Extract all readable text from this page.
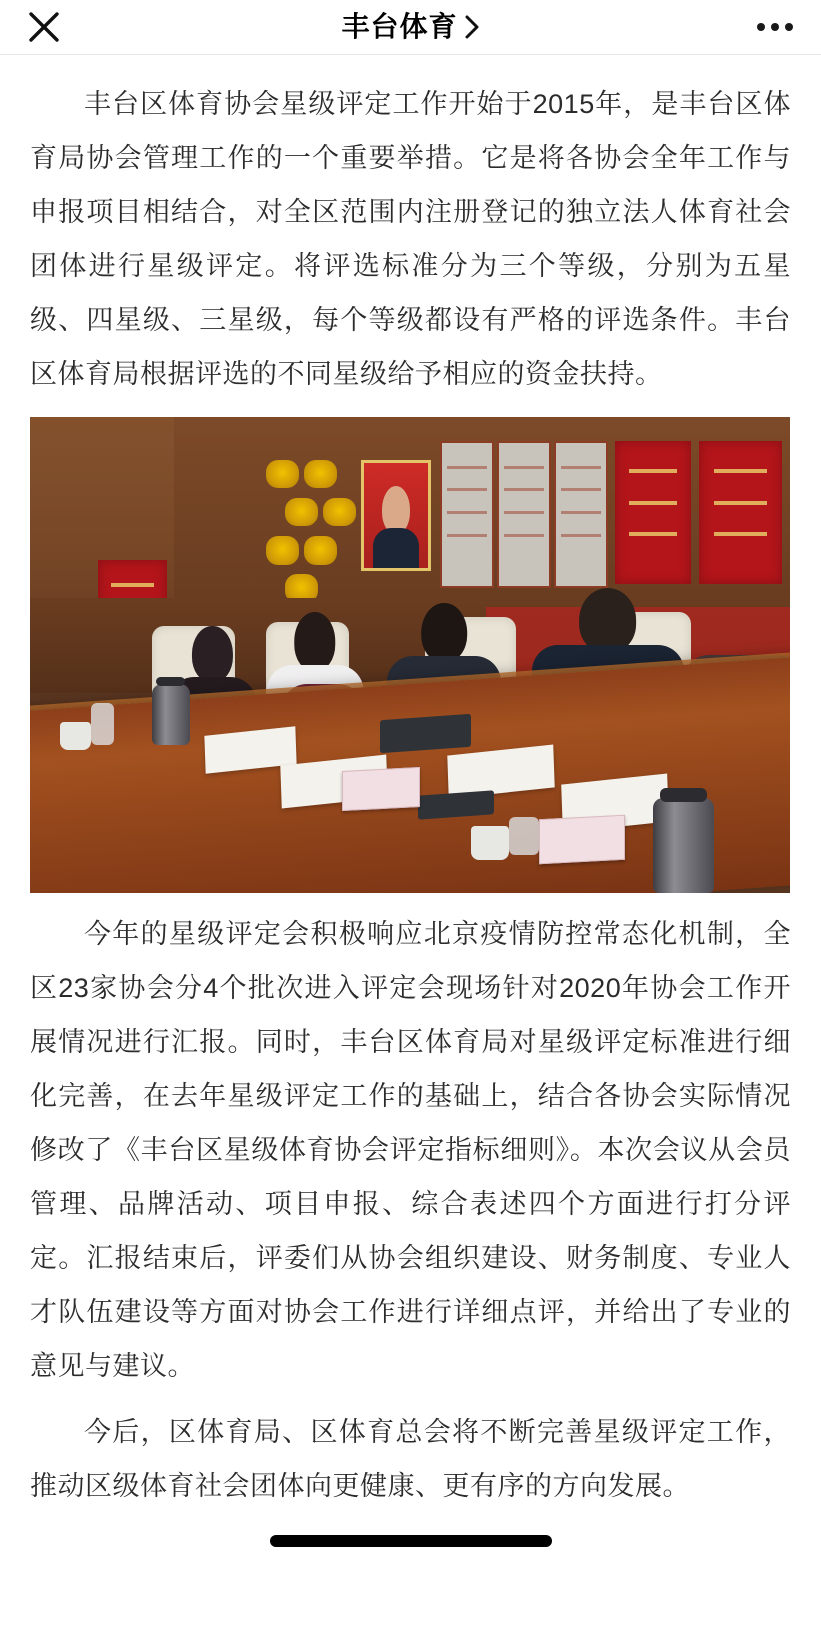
丰台体育

丰台区体育协会星级评定工作开始于2015年，是丰台区体育局协会管理工作的一个重要举措。它是将各协会全年工作与申报项目相结合，对全区范围内注册登记的独立法人体育社会团体进行星级评定。将评选标准分为三个等级，分别为五星级、四星级、三星级，每个等级都设有严格的评选条件。丰台区体育局根据评选的不同星级给予相应的资金扶持。

今年的星级评定会积极响应北京疫情防控常态化机制，全区23家协会分4个批次进入评定会现场针对2020年协会工作开展情况进行汇报。同时，丰台区体育局对星级评定标准进行细化完善，在去年星级评定工作的基础上，结合各协会实际情况修改了《丰台区星级体育协会评定指标细则》。本次会议从会员管理、品牌活动、项目申报、综合表述四个方面进行打分评定。汇报结束后，评委们从协会组织建设、财务制度、专业人才队伍建设等方面对协会工作进行详细点评，并给出了专业的意见与建议。

今后，区体育局、区体育总会将不断完善星级评定工作，推动区级体育社会团体向更健康、更有序的方向发展。
